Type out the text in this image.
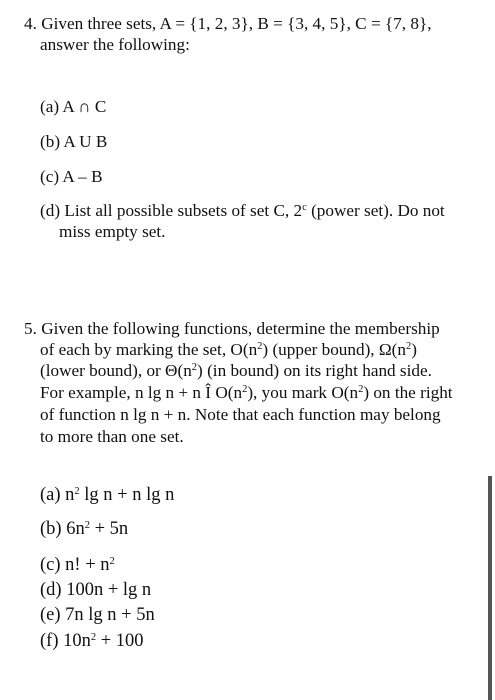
4. Given three sets, A = {1, 2, 3}, B = {3, 4, 5}, C = {7, 8},
answer the following:
(a) A ∩ C
(b) A U B
(c) A – B
(d) List all possible subsets of set C, 2$^c$ (power set). Do not
miss empty set.
5. Given the following functions, determine the membership
of each by marking the set, $O(n^2)$ (upper bound), $\Omega(n^2)$
(lower bound), or $\Theta(n^2)$ (in bound) on its right hand side.
For example, n lg n + n Î $O(n^2)$, you mark $O(n^2)$ on the right
of function n lg n + n. Note that each function may belong
to more than one set.
(a) $n^2$ lg n + n lg n
(b) $6n^2 + 5n$
(c) n! + $n^2$
(d) 100n + lg n
(e) 7n lg n + 5n
(f) $10n^2 + 100$
